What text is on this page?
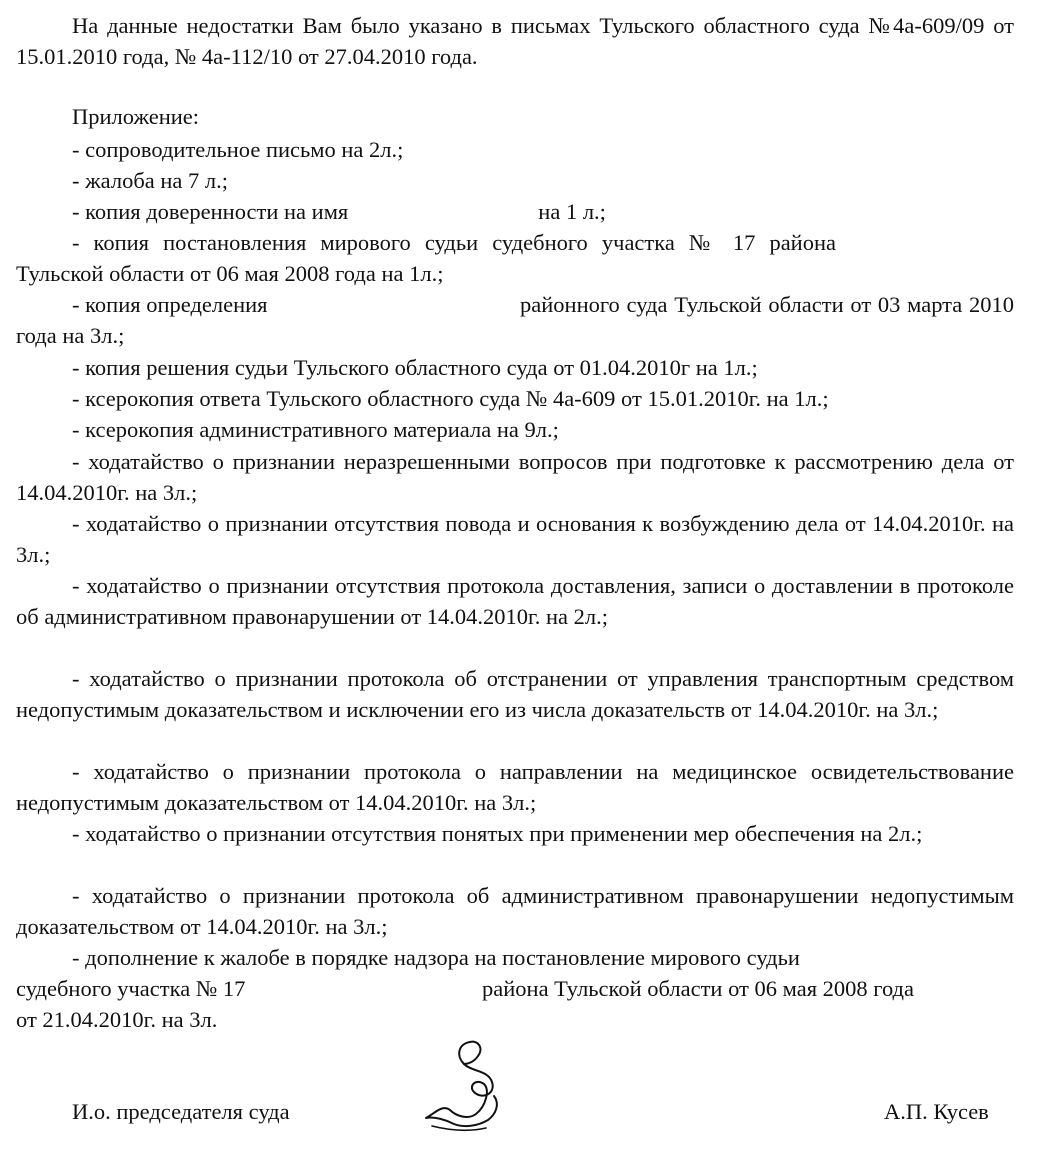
На данные недостатки Вам было указано в письмах Тульского областного суда №4а-609/09 от 15.01.2010 года, № 4а-112/10 от 27.04.2010 года.

Приложение:
- сопроводительное письмо на 2л.;
- жалоба на 7 л.;
- копия доверенности на имя	на 1 л.;

- копия постановления мирового судьи судебного участка № 17 района Тульской области от 06 мая 2008 года на 1л.;

- копия определения	районного суда Тульской области от 03 марта 2010 года на 3л.;

- копия решения судьи Тульского областного суда от 01.04.2010г на 1л.;
- ксерокопия ответа Тульского областного суда № 4а-609 от 15.01.2010г. на 1л.;
- ксерокопия административного материала на 9л.;

- ходатайство о признании неразрешенными вопросов при подготовке к рассмотрению дела от 14.04.2010г. на 3л.;

- ходатайство о признании отсутствия повода и основания к возбуждению дела от 14.04.2010г. на 3л.;

- ходатайство о признании отсутствия протокола доставления, записи о доставлении в протоколе об административном правонарушении от 14.04.2010г. на 2л.;

- ходатайство о признании протокола об отстранении от управления транспортным средством недопустимым доказательством и исключении его из числа доказательств от 14.04.2010г. на 3л.;

- ходатайство о признании протокола о направлении на медицинское освидетельствование недопустимым доказательством от 14.04.2010г. на 3л.;

- ходатайство о признании отсутствия понятых при применении мер обеспечения на 2л.;

- ходатайство о признании протокола об административном правонарушении недопустимым доказательством от 14.04.2010г. на 3л.;

- дополнение к жалобе в порядке надзора на постановление мирового судьи

судебного участка № 17	района Тульской области от 06 мая 2008 года

от 21.04.2010г. на 3л.
И.о. председателя суда	А.П. Кусев
